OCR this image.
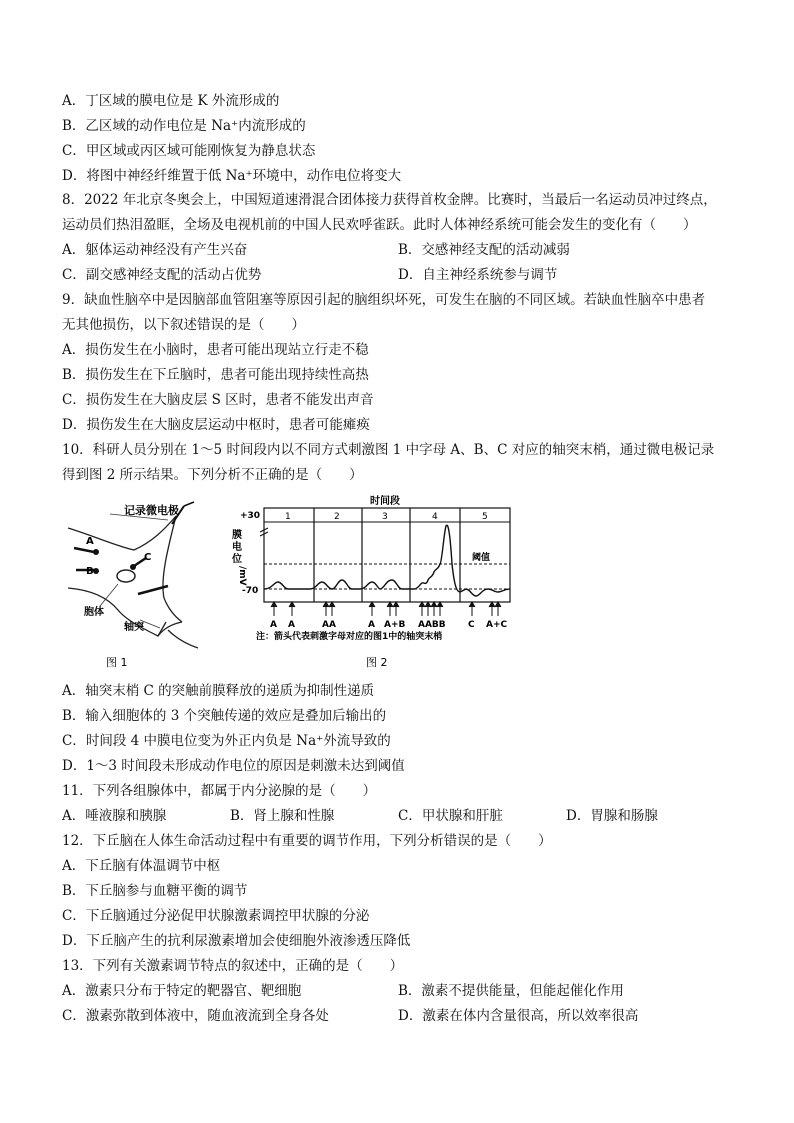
A．丁区域的膜电位是 K 外流形成的
B．乙区域的动作电位是 Na⁺内流形成的
C．甲区域或丙区域可能刚恢复为静息状态
D．将图中神经纤维置于低 Na⁺环境中，动作电位将变大
8．2022 年北京冬奥会上，中国短道速滑混合团体接力获得首枚金牌。比赛时，当最后一名运动员冲过终点，
运动员们热泪盈眶，全场及电视机前的中国人民欢呼雀跃。此时人体神经系统可能会发生的变化有（　　）
A．躯体运动神经没有产生兴奋	B．交感神经支配的活动减弱
C．副交感神经支配的活动占优势	D．自主神经系统参与调节
9．缺血性脑卒中是因脑部血管阻塞等原因引起的脑组织坏死，可发生在脑的不同区域。若缺血性脑卒中患者
无其他损伤，以下叙述错误的是（　　）
A．损伤发生在小脑时，患者可能出现站立行走不稳
B．损伤发生在下丘脑时，患者可能出现持续性高热
C．损伤发生在大脑皮层 S 区时，患者不能发出声音
D．损伤发生在大脑皮层运动中枢时，患者可能瘫痪
10．科研人员分别在 1～5 时间段内以不同方式刺激图 1 中字母 A、B、C 对应的轴突末梢，通过微电极记录
得到图 2 所示结果。下列分析不正确的是（　　）
记录微电极
A
B
C
胞体
轴突
图 1
时间段
1	2	3	4	5
+30
-70
膜
电
位
/mV
阈值
A A	AA	A A+B AABB C A+C
注：箭头代表刺激字母对应的图1中的轴突末梢
图 2
A．轴突末梢 C 的突触前膜释放的递质为抑制性递质
B．输入细胞体的 3 个突触传递的效应是叠加后输出的
C．时间段 4 中膜电位变为外正内负是 Na⁺外流导致的
D．1～3 时间段未形成动作电位的原因是刺激未达到阈值
11．下列各组腺体中，都属于内分泌腺的是（　　）
A．唾液腺和胰腺	B．肾上腺和性腺	C．甲状腺和肝脏	D．胃腺和肠腺
12．下丘脑在人体生命活动过程中有重要的调节作用，下列分析错误的是（　　）
A．下丘脑有体温调节中枢
B．下丘脑参与血糖平衡的调节
C．下丘脑通过分泌促甲状腺激素调控甲状腺的分泌
D．下丘脑产生的抗利尿激素增加会使细胞外液渗透压降低
13．下列有关激素调节特点的叙述中，正确的是（　　）
A．激素只分布于特定的靶器官、靶细胞	B．激素不提供能量，但能起催化作用
C．激素弥散到体液中，随血液流到全身各处	D．激素在体内含量很高，所以效率很高
